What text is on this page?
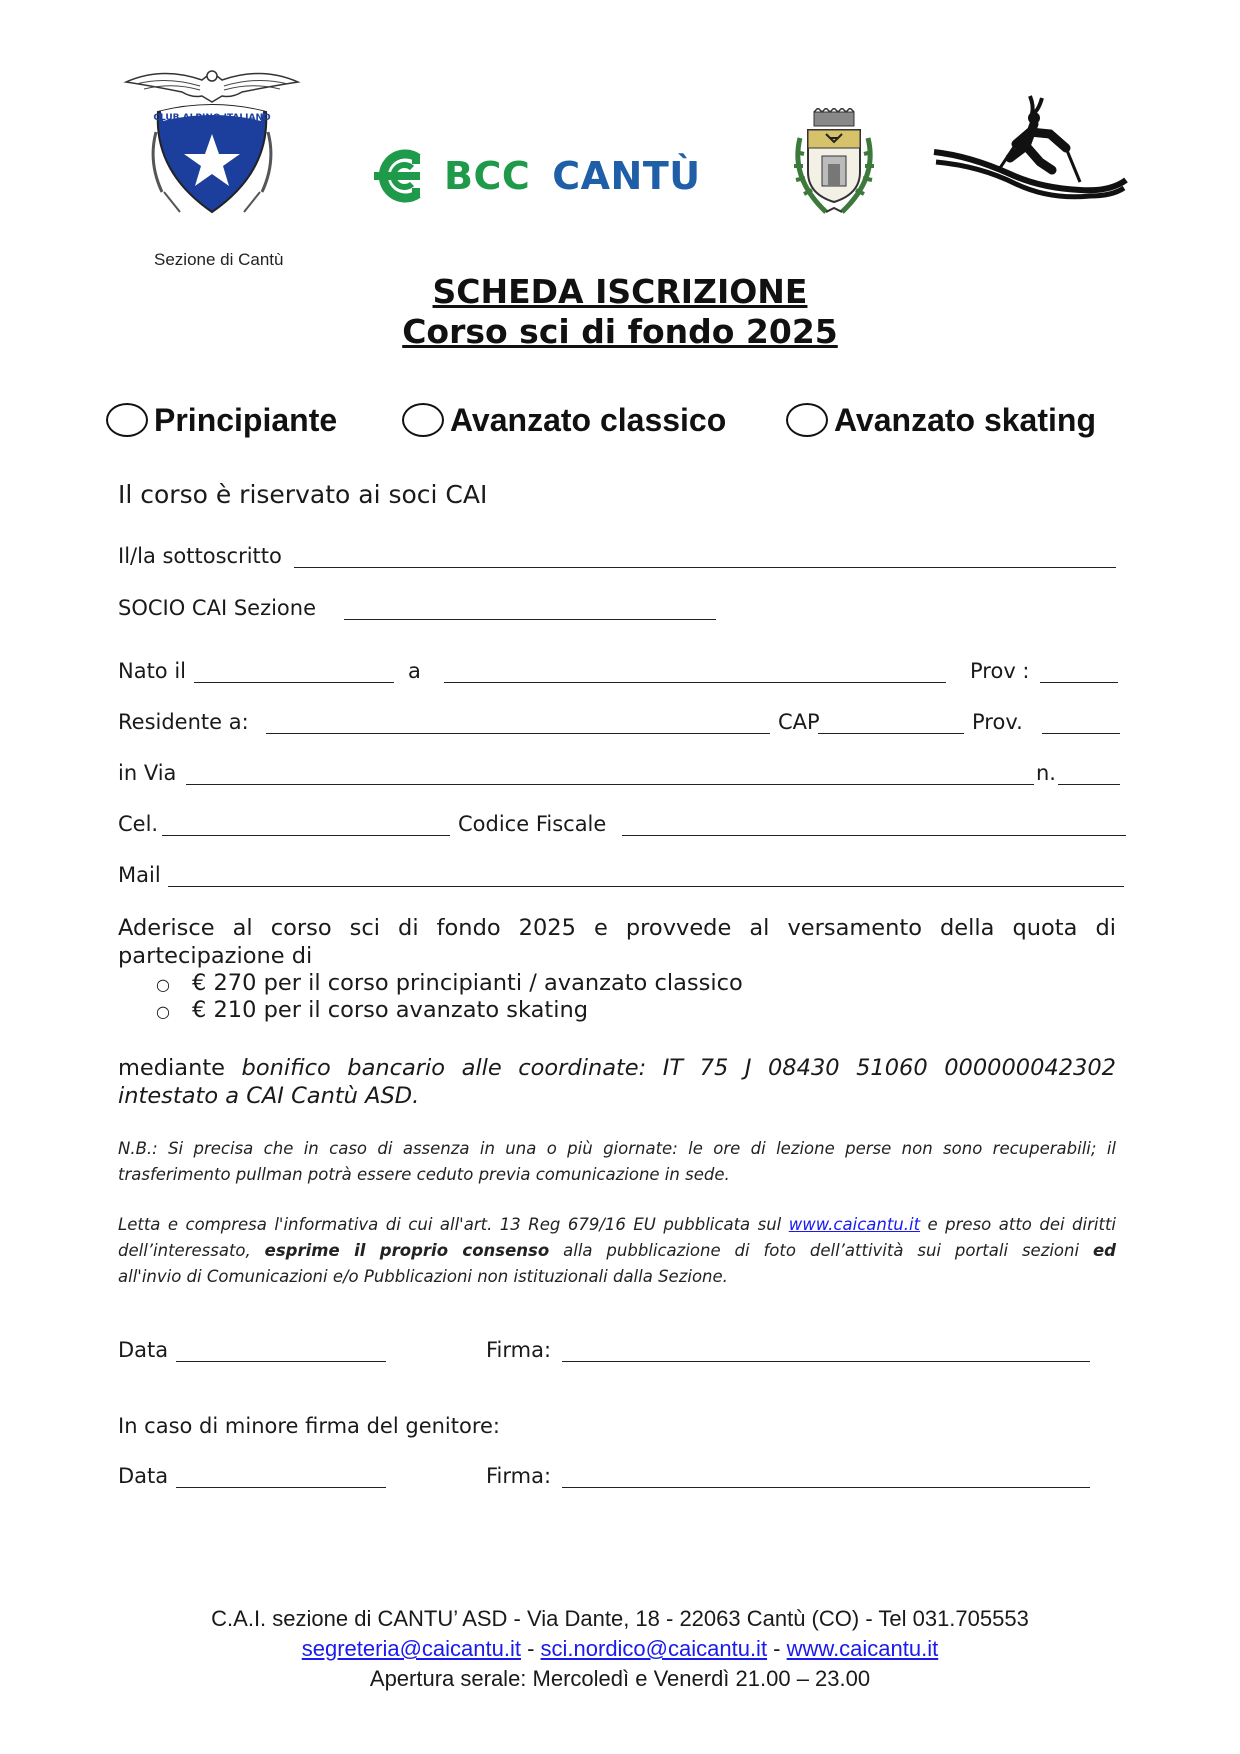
CLUB ALPINO ITALIANO
Sezione di Cantù
BCC CANTÙ
SCHEDA ISCRIZIONE
Corso sci di fondo 2025
Principiante	Avanzato classico	Avanzato skating
Il corso è riservato ai soci CAI
Il/la sottoscritto
SOCIO CAI Sezione
Nato il	a	Prov :
Residente a:	CAP	Prov.
in Via	n.
Cel.	Codice Fiscale
Mail
Aderisce al corso sci di fondo 2025 e provvede al versamento della quota di
partecipazione di
○ € 270 per il corso principianti / avanzato classico
○ € 210 per il corso avanzato skating
mediante bonifico bancario alle coordinate: IT 75 J 08430 51060 000000042302
intestato a CAI Cantù ASD.
N.B.: Si precisa che in caso di assenza in una o più giornate: le ore di lezione perse non sono recuperabili; il
trasferimento pullman potrà essere ceduto previa comunicazione in sede.
Letta e compresa l'informativa di cui all'art. 13 Reg 679/16 EU pubblicata sul www.caicantu.it e preso atto dei diritti
dell’interessato, esprime il proprio consenso alla pubblicazione di foto dell’attività sui portali sezioni ed
all'invio di Comunicazioni e/o Pubblicazioni non istituzionali dalla Sezione.
Data	Firma:
In caso di minore firma del genitore:
Data	Firma:
C.A.I. sezione di CANTU’ ASD - Via Dante, 18 - 22063 Cantù (CO) - Tel 031.705553
segreteria@caicantu.it - sci.nordico@caicantu.it - www.caicantu.it
Apertura serale: Mercoledì e Venerdì 21.00 – 23.00
